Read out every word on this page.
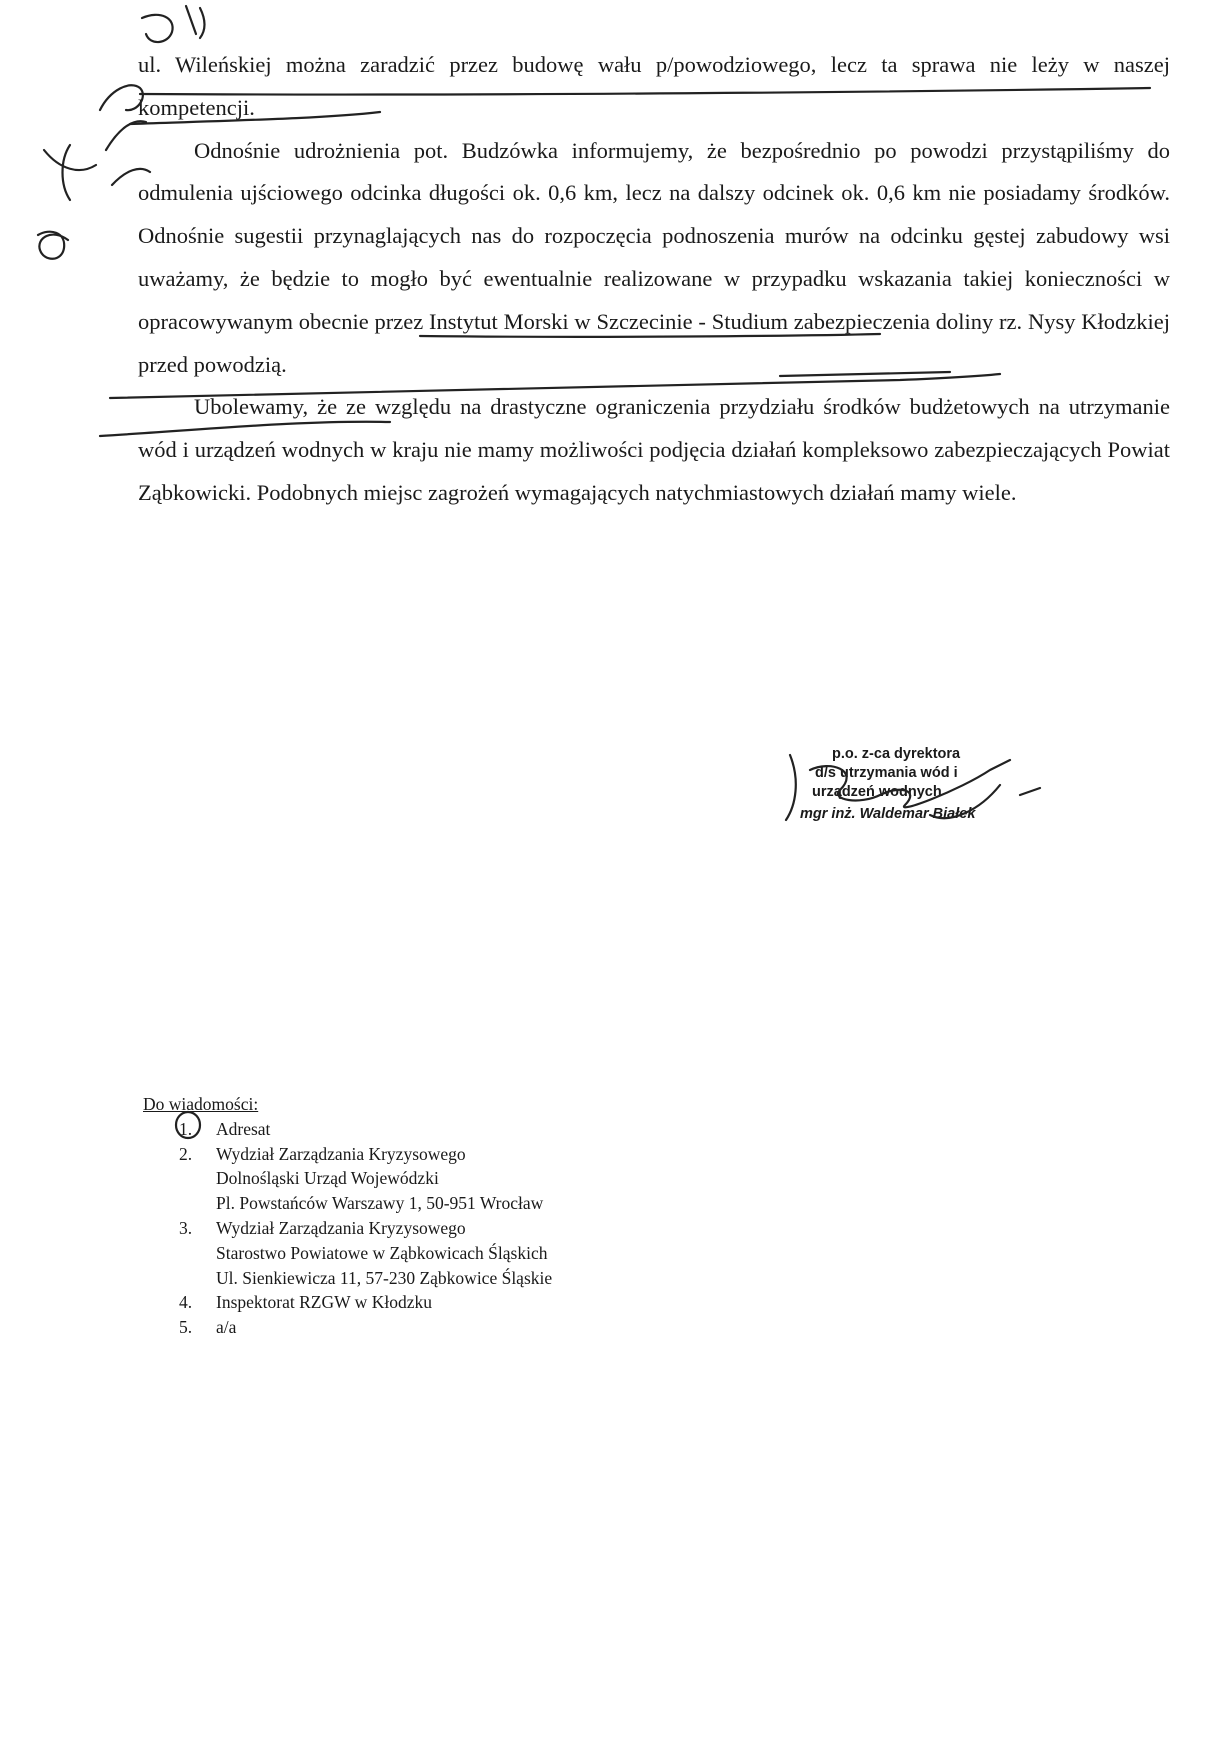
ul. Wileńskiej można zaradzić przez budowę wału p/powodziowego, lecz ta sprawa nie leży w naszej kompetencji.

Odnośnie udrożnienia pot. Budzówka informujemy, że bezpośrednio po powodzi przystąpiliśmy do odmulenia ujściowego odcinka długości ok. 0,6 km, lecz na dalszy odcinek ok. 0,6 km nie posiadamy środków. Odnośnie sugestii przynaglających nas do rozpoczęcia podnoszenia murów na odcinku gęstej zabudowy wsi uważamy, że będzie to mogło być ewentualnie realizowane w przypadku wskazania takiej konieczności w opracowywanym obecnie przez Instytut Morski w Szczecinie - Studium zabezpieczenia doliny rz. Nysy Kłodzkiej przed powodzią.

Ubolewamy, że ze względu na drastyczne ograniczenia przydziału środków budżetowych na utrzymanie wód i urządzeń wodnych w kraju nie mamy możliwości podjęcia działań kompleksowo zabezpieczających Powiat Ząbkowicki. Podobnych miejsc zagrożeń wymagających natychmiastowych działań mamy wiele.

p.o. z-ca dyrektora
d/s utrzymania wód i
urządzeń wodnych
mgr inż. Waldemar Białek
Do wiadomości:
1.	Adresat
2.	Wydział Zarządzania Kryzysowego
Dolnośląski Urząd Wojewódzki
Pl. Powstańców Warszawy 1, 50-951 Wrocław
3.	Wydział Zarządzania Kryzysowego
Starostwo Powiatowe w Ząbkowicach Śląskich
Ul. Sienkiewicza 11, 57-230 Ząbkowice Śląskie
4.	Inspektorat RZGW w Kłodzku
5.	a/a
